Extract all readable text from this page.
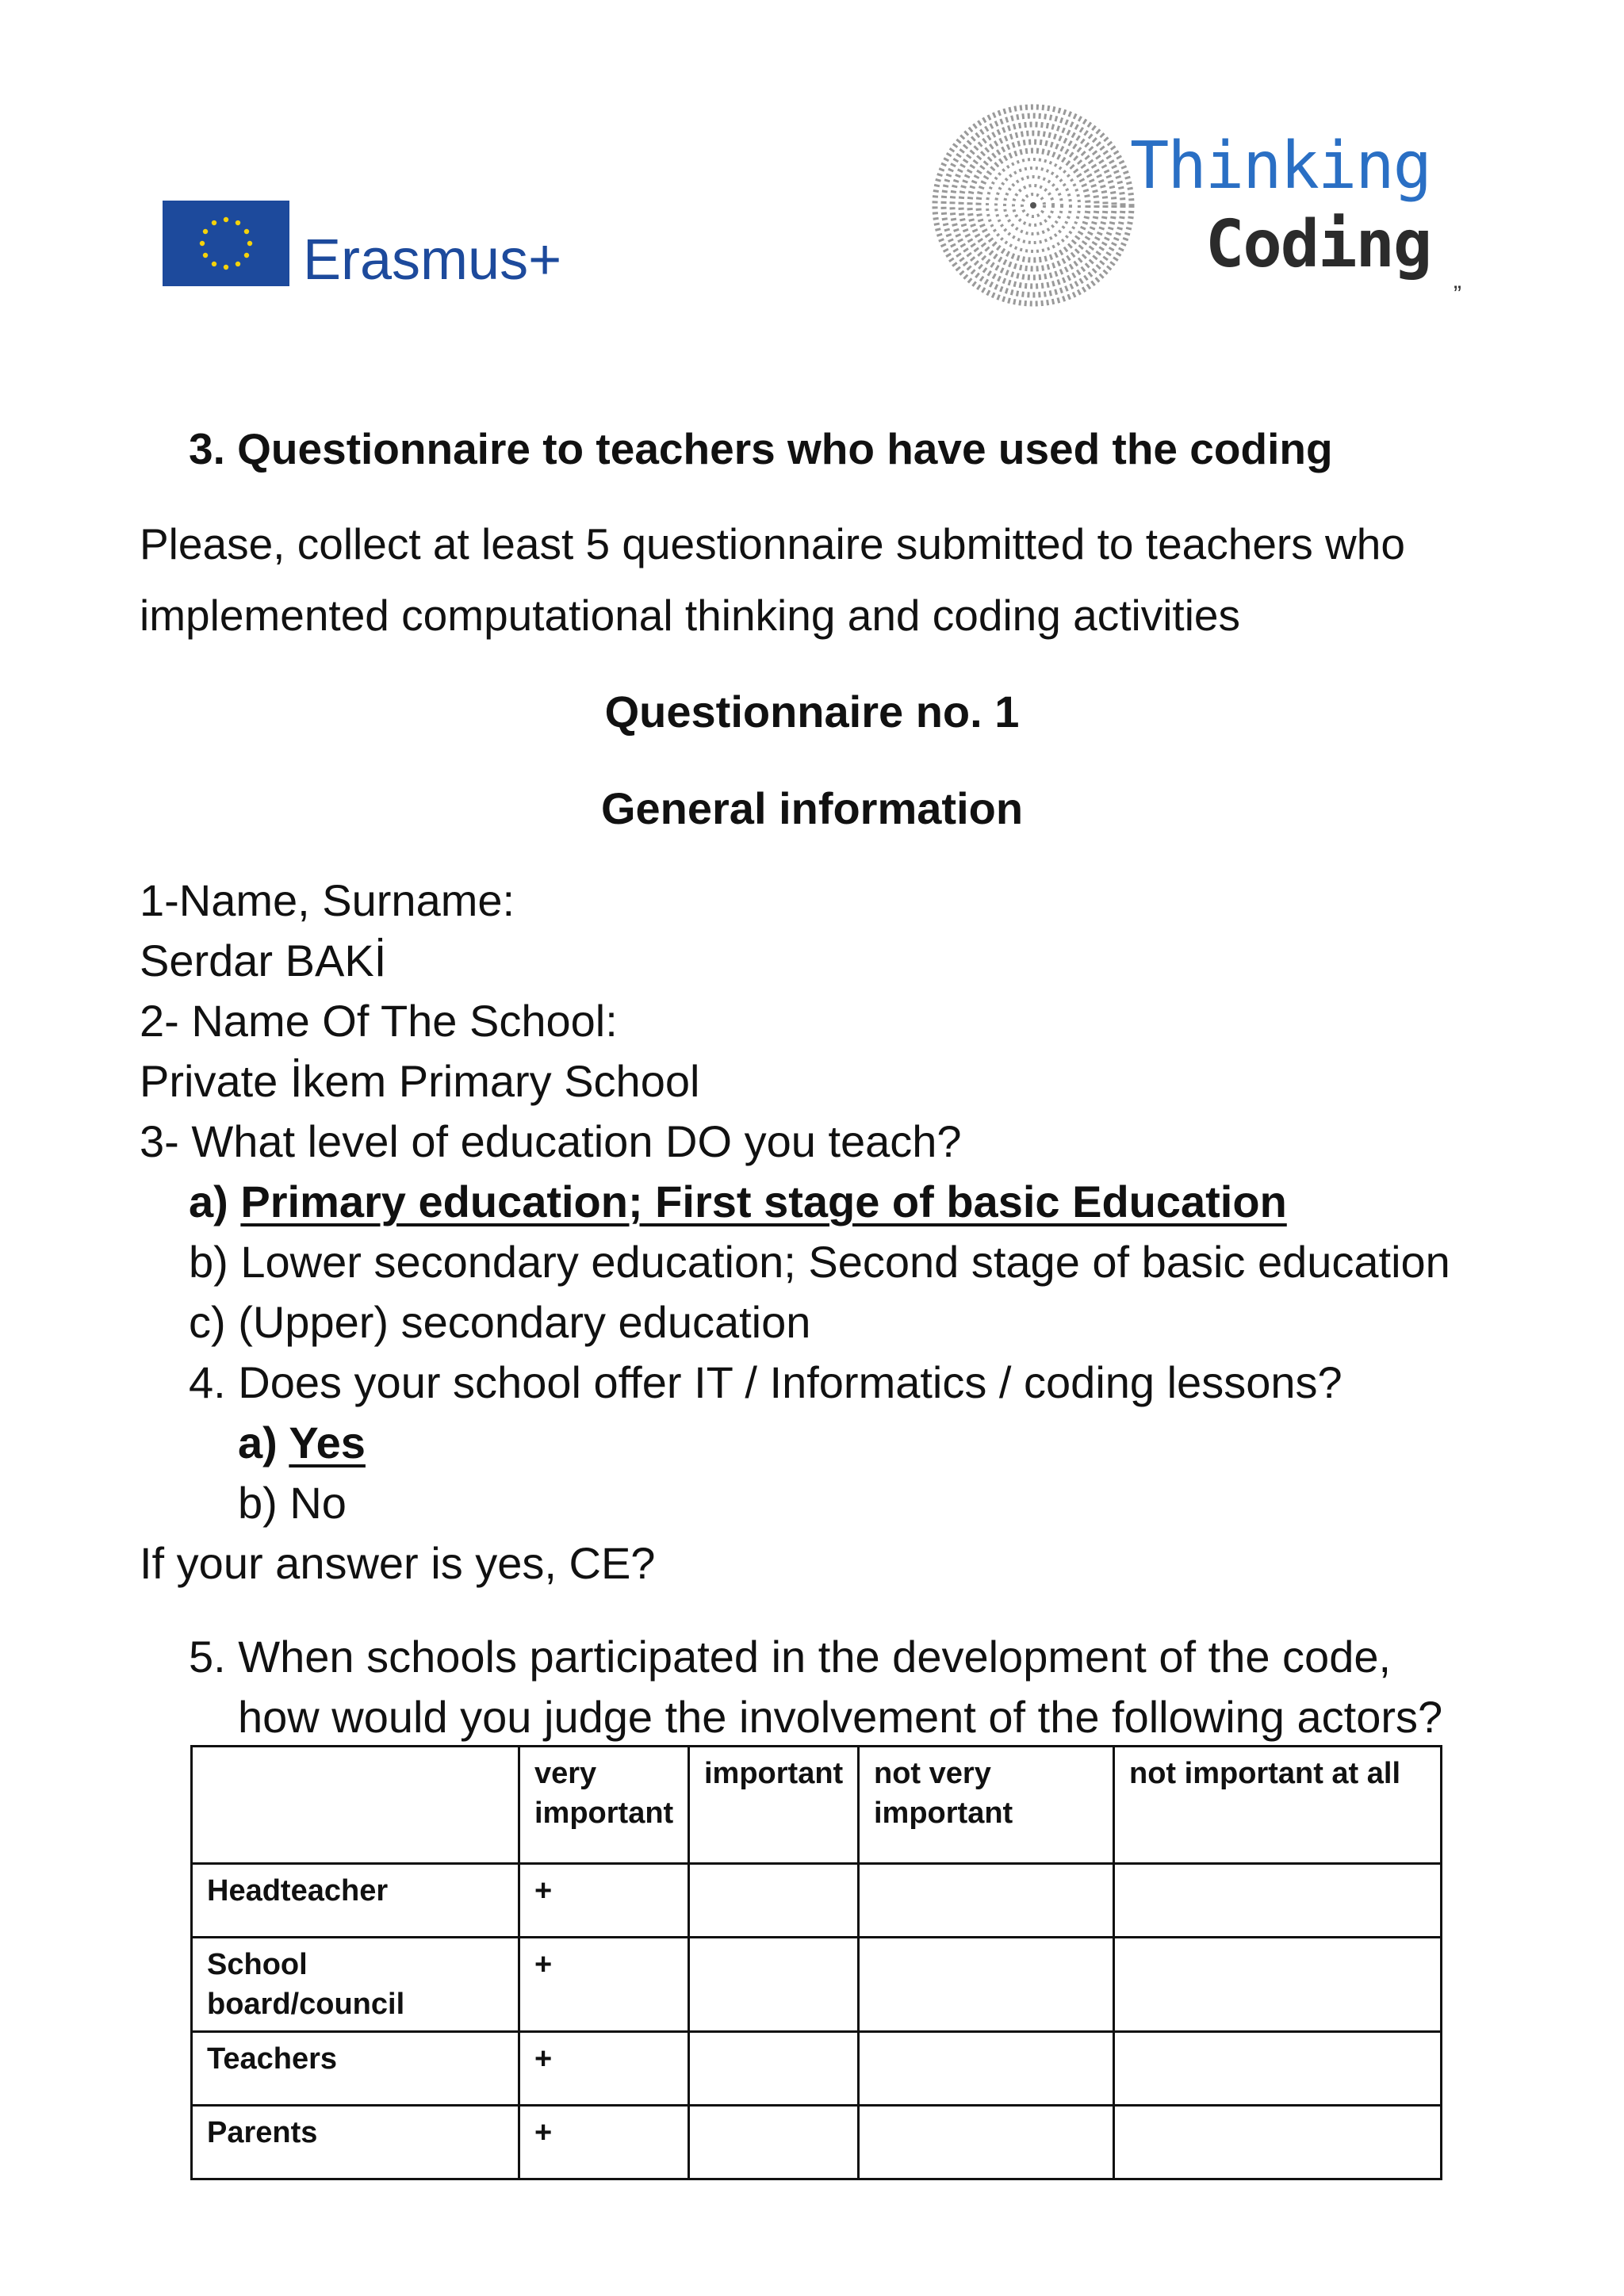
Erasmus+
Thinking
Coding
”
3. Questionnaire to teachers who have used the coding
Please, collect at least 5 questionnaire submitted to teachers who
implemented computational thinking and coding activities
Questionnaire no. 1
General information
1-Name, Surname:
Serdar BAKİ
2- Name Of The School:
Private İkem Primary School
3- What level of education DO you teach?
a) Primary education; First stage of basic Education
b) Lower secondary education; Second stage of basic education
c) (Upper) secondary education
4. Does your school offer IT / Informatics / coding lessons?
a) Yes
b) No
If your answer is yes, CE?
5. When schools participated in the development of the code,
how would you judge the involvement of the following actors?
	very important	important	not very important	not important at all
Headteacher	+			
School board/council	+			
Teachers	+			
Parents	+			
